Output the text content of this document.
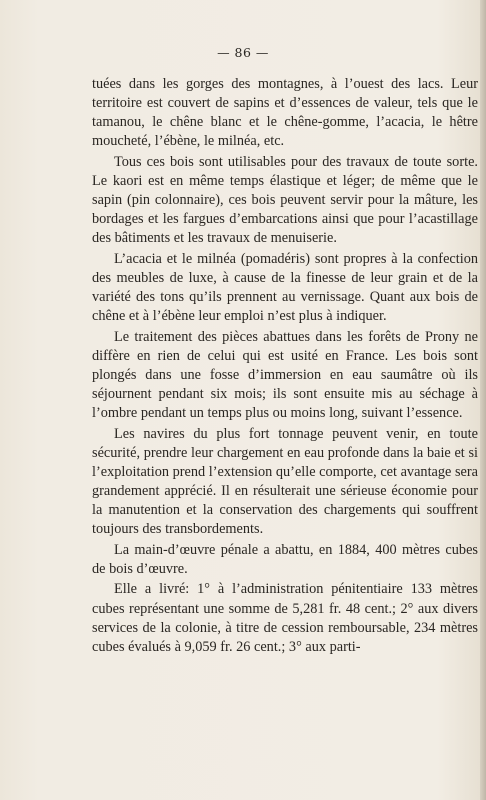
— 86 —

tuées dans les gorges des montagnes, à l’ouest des lacs. Leur territoire est couvert de sapins et d’essences de valeur, tels que le tamanou, le chêne blanc et le chêne-gomme, l’acacia, le hêtre moucheté, l’ébène, le milnéa, etc.

Tous ces bois sont utilisables pour des travaux de toute sorte. Le kaori est en même temps élastique et léger; de même que le sapin (pin colonnaire), ces bois peuvent servir pour la mâture, les bordages et les fargues d’embarcations ainsi que pour l’acastillage des bâtiments et les travaux de menuiserie.

L’acacia et le milnéa (pomadéris) sont propres à la confection des meubles de luxe, à cause de la finesse de leur grain et de la variété des tons qu’ils prennent au vernissage. Quant aux bois de chêne et à l’ébène leur emploi n’est plus à indiquer.

Le traitement des pièces abattues dans les forêts de Prony ne diffère en rien de celui qui est usité en France. Les bois sont plongés dans une fosse d’immersion en eau saumâtre où ils séjournent pendant six mois; ils sont ensuite mis au séchage à l’ombre pendant un temps plus ou moins long, suivant l’essence.

Les navires du plus fort tonnage peuvent venir, en toute sécurité, prendre leur chargement en eau profonde dans la baie et si l’exploitation prend l’extension qu’elle comporte, cet avantage sera grandement apprécié. Il en résulterait une sérieuse économie pour la manutention et la conservation des chargements qui souffrent toujours des transbordements.

La main-d’œuvre pénale a abattu, en 1884, 400 mètres cubes de bois d’œuvre.

Elle a livré: 1° à l’administration pénitentiaire 133 mètres cubes représentant une somme de 5,281 fr. 48 cent.; 2° aux divers services de la colonie, à titre de cession remboursable, 234 mètres cubes évalués à 9,059 fr. 26 cent.; 3° aux parti-
